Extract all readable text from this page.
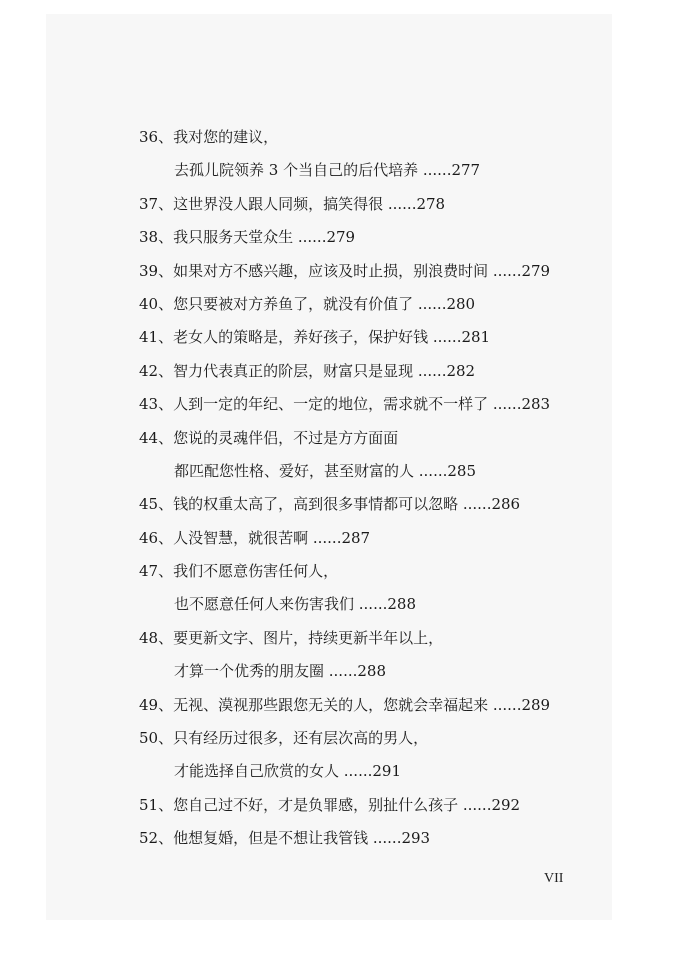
36、我对您的建议，
去孤儿院领养 3 个当自己的后代培养 ......277
37、这世界没人跟人同频，搞笑得很 ......278
38、我只服务天堂众生 ......279
39、如果对方不感兴趣，应该及时止损，别浪费时间 ......279
40、您只要被对方养鱼了，就没有价值了 ......280
41、老女人的策略是，养好孩子，保护好钱 ......281
42、智力代表真正的阶层，财富只是显现 ......282
43、人到一定的年纪、一定的地位，需求就不一样了 ......283
44、您说的灵魂伴侣，不过是方方面面
都匹配您性格、爱好，甚至财富的人 ......285
45、钱的权重太高了，高到很多事情都可以忽略 ......286
46、人没智慧，就很苦啊 ......287
47、我们不愿意伤害任何人，
也不愿意任何人来伤害我们 ......288
48、要更新文字、图片，持续更新半年以上，
才算一个优秀的朋友圈 ......288
49、无视、漠视那些跟您无关的人，您就会幸福起来 ......289
50、只有经历过很多，还有层次高的男人，
才能选择自己欣赏的女人 ......291
51、您自己过不好，才是负罪感，别扯什么孩子 ......292
52、他想复婚，但是不想让我管钱 ......293
VII
